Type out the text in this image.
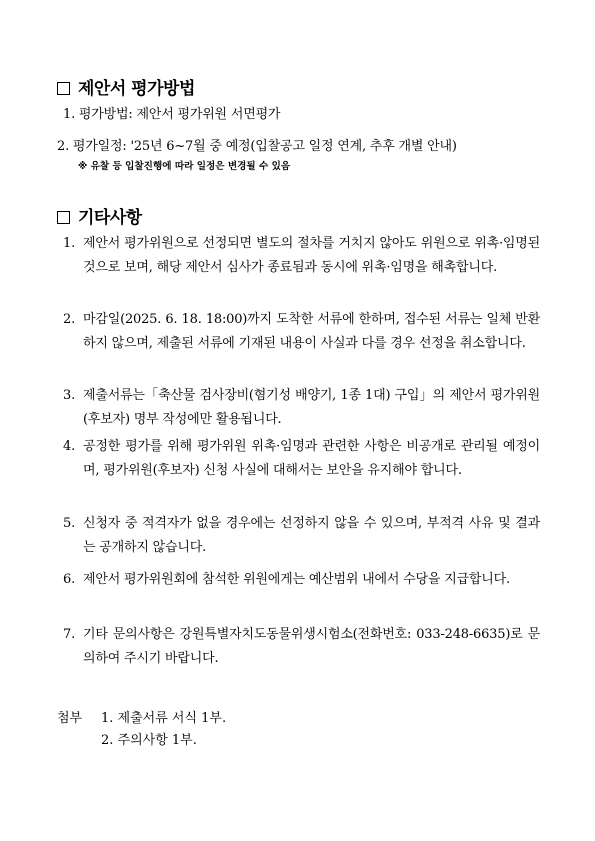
제안서 평가방법
1. 평가방법: 제안서 평가위원 서면평가
2. 평가일정: '25년 6~7월 중 예정(입찰공고 일정 연계, 추후 개별 안내)
※ 유찰 등 입찰진행에 따라 일정은 변경될 수 있음
기타사항
1. 제안서 평가위원으로 선정되면 별도의 절차를 거치지 않아도 위원으로 위촉·임명된 것으로 보며, 해당 제안서 심사가 종료됨과 동시에 위촉·임명을 해촉합니다.
2. 마감일(2025. 6. 18. 18:00)까지 도착한 서류에 한하며, 접수된 서류는 일체 반환하지 않으며, 제출된 서류에 기재된 내용이 사실과 다를 경우 선정을 취소합니다.
3. 제출서류는「축산물 검사장비(혐기성 배양기, 1종 1대) 구입」의 제안서 평가위원(후보자) 명부 작성에만 활용됩니다.
4. 공정한 평가를 위해 평가위원 위촉·임명과 관련한 사항은 비공개로 관리될 예정이며, 평가위원(후보자) 신청 사실에 대해서는 보안을 유지해야 합니다.
5. 신청자 중 적격자가 없을 경우에는 선정하지 않을 수 있으며, 부적격 사유 및 결과는 공개하지 않습니다.
6. 제안서 평가위원회에 참석한 위원에게는 예산범위 내에서 수당을 지급합니다.
7. 기타 문의사항은 강원특별자치도동물위생시험소(전화번호: 033-248-6635)로 문의하여 주시기 바랍니다.
첨부 1. 제출서류 서식 1부.
2. 주의사항 1부.
